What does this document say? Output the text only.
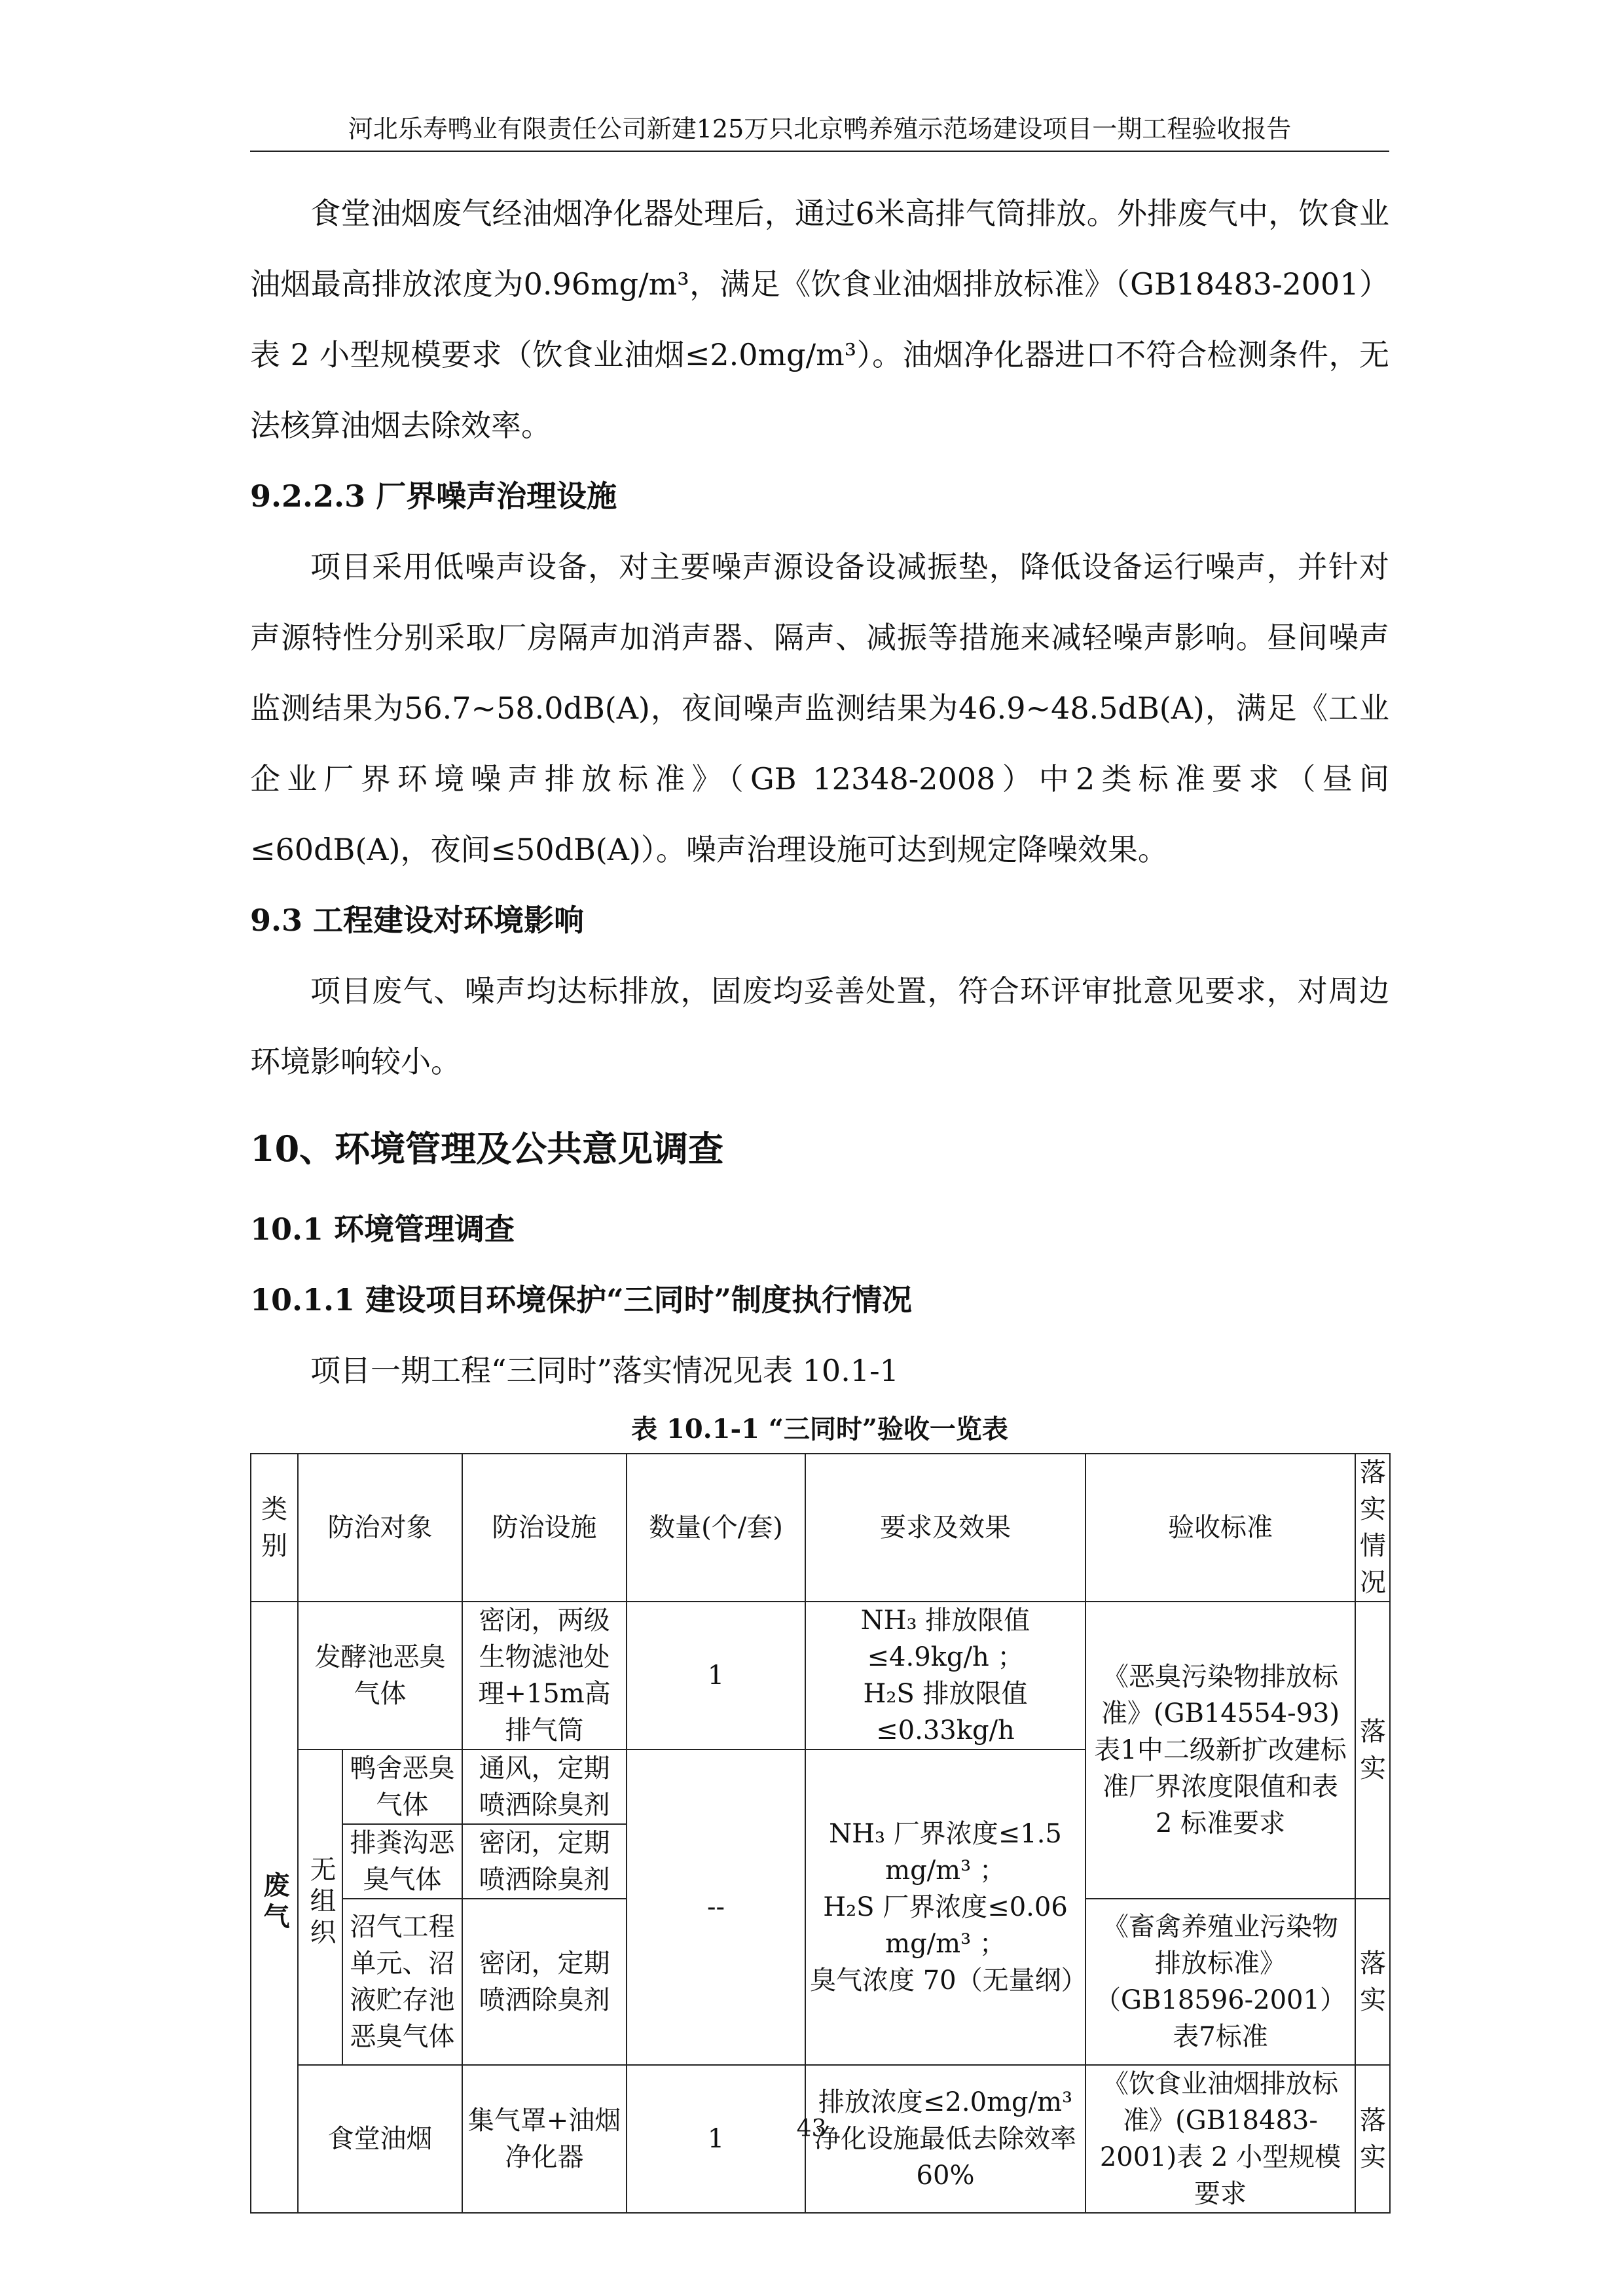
河北乐寿鸭业有限责任公司新建125万只北京鸭养殖示范场建设项目一期工程验收报告

食堂油烟废气经油烟净化器处理后，通过6米高排气筒排放。外排废气中，饮食业油烟最高排放浓度为0.96mg/m³，满足《饮食业油烟排放标准》（GB18483-2001）表 2 小型规模要求（饮食业油烟≤2.0mg/m³）。油烟净化器进口不符合检测条件，无法核算油烟去除效率。

9.2.2.3 厂界噪声治理设施

项目采用低噪声设备，对主要噪声源设备设减振垫，降低设备运行噪声，并针对声源特性分别采取厂房隔声加消声器、隔声、减振等措施来减轻噪声影响。昼间噪声监测结果为56.7~58.0dB(A)，夜间噪声监测结果为46.9~48.5dB(A)，满足《工业企业厂界环境噪声排放标准》（GB 12348-2008）中2类标准要求（昼间≤60dB(A)，夜间≤50dB(A)）。噪声治理设施可达到规定降噪效果。

9.3 工程建设对环境影响

项目废气、噪声均达标排放，固废均妥善处置，符合环评审批意见要求，对周边环境影响较小。

10、环境管理及公共意见调查
10.1 环境管理调查
10.1.1 建设项目环境保护“三同时”制度执行情况

项目一期工程“三同时”落实情况见表 10.1-1

表 10.1-1 “三同时”验收一览表

类别	防治对象		防治设施	数量(个/套)	要求及效果	验收标准	落实情况
废气	发酵池恶臭气体		密闭，两级生物滤池处理+15m高排气筒	1	NH₃ 排放限值
≤4.9kg/h ；
H₂S 排放限值
≤0.33kg/h	《恶臭污染物排放标准》(GB14554-93)表1中二级新扩改建标准厂界浓度限值和表 2 标准要求	落实
	无组织	鸭舍恶臭气体	通风，定期喷洒除臭剂	--	NH₃ 厂界浓度≤1.5
mg/m³ ；
H₂S 厂界浓度≤0.06
mg/m³ ；
臭气浓度 70（无量纲）		

		排粪沟恶臭气体	密闭，定期喷洒除臭剂				
		沼气工程单元、沼液贮存池恶臭气体	密闭，定期喷洒除臭剂			《畜禽养殖业污染物排放标准》（GB18596-2001）表7标准	落实
	食堂油烟		集气罩+油烟净化器	1	排放浓度≤2.0mg/m³
净化设施最低去除效率 60%	《饮食业油烟排放标准》(GB18483-2001)表 2 小型规模要求	落实
43
